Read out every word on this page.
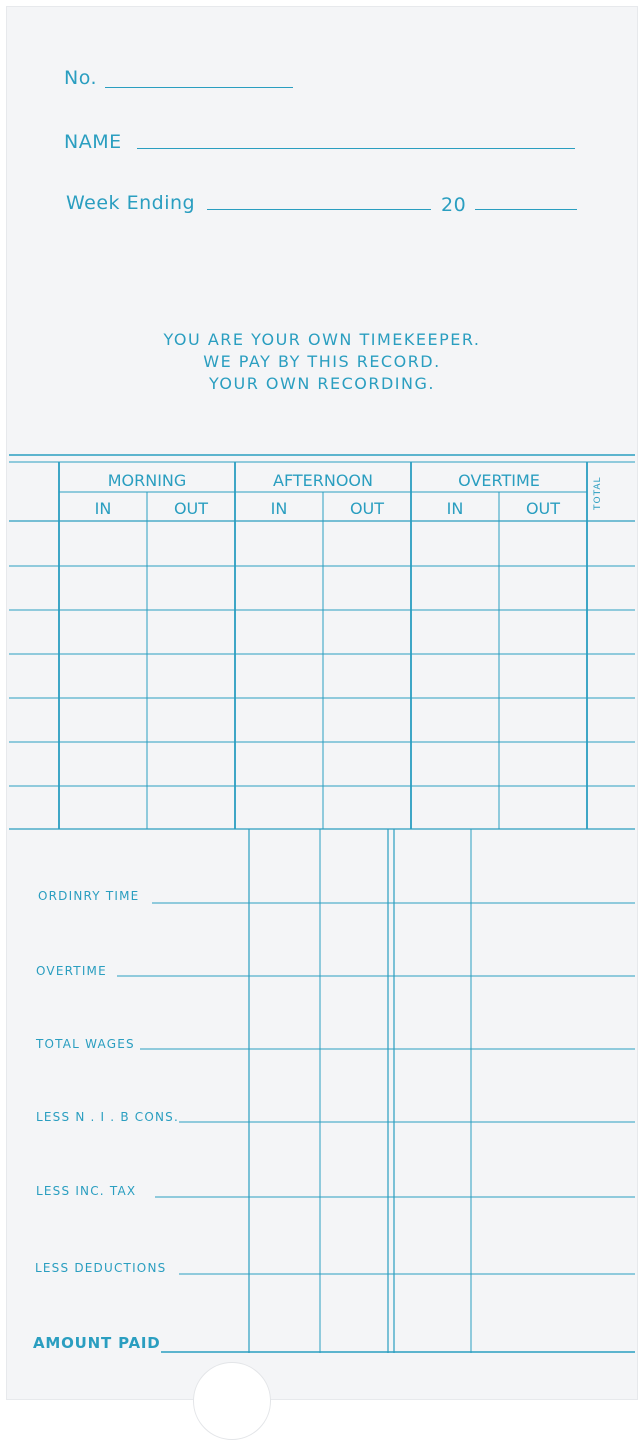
No.
NAME
Week Ending	20
YOU ARE YOUR OWN TIMEKEEPER.
WE PAY BY THIS RECORD.
YOUR OWN RECORDING.
MORNING	AFTERNOON	OVERTIME
IN	OUT	IN	OUT	IN	OUT	TOTAL
ORDINRY TIME
OVERTIME
TOTAL WAGES
LESS N . I . B CONS.
LESS INC. TAX
LESS DEDUCTIONS
AMOUNT PAID
